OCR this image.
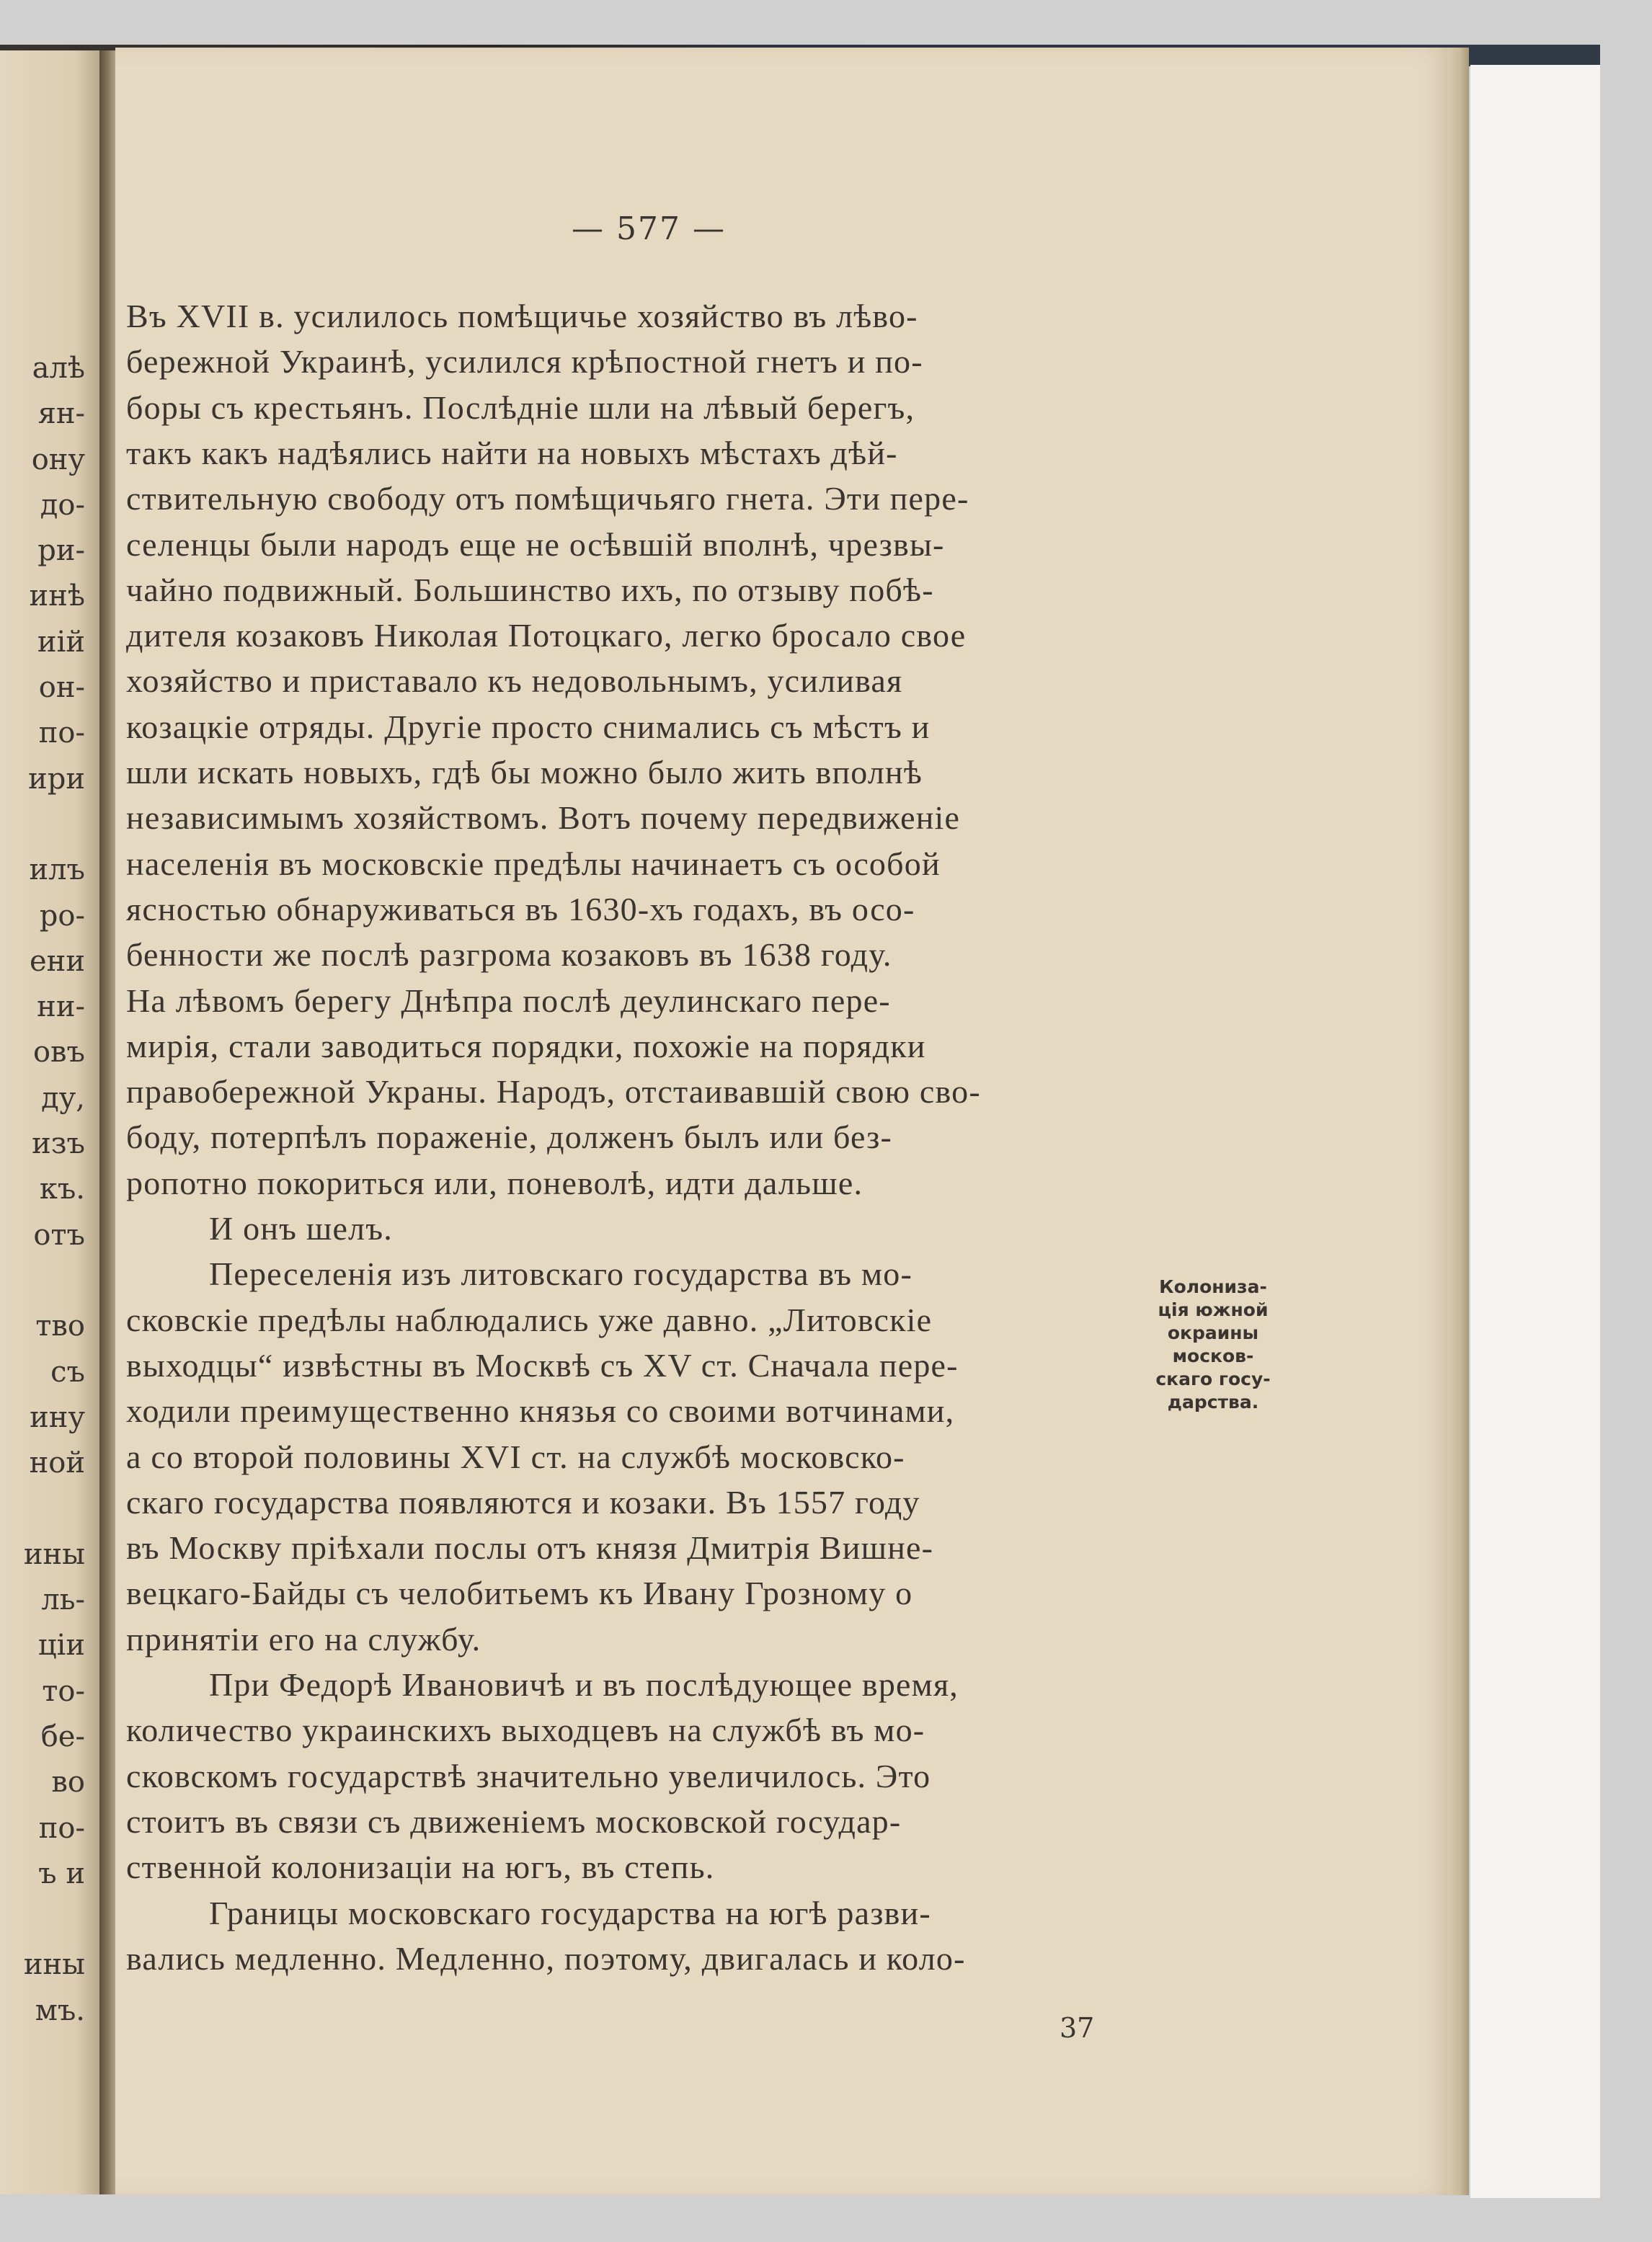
алѣ
ян-
ону
до-
ри-
инѣ
иій
он-
по-
ири

илъ
ро-
ени
ни-
овъ
ду,
изъ
къ.
отъ

тво
съ
ину
ной

ины
ль-
ціи
то-
бе-
во
по-
ъ и

ины
мъ.
— 577 —
Въ XVII в. усилилось помѣщичье хозяйство въ лѣво-
бережной Украинѣ, усилился крѣпостной гнетъ и по-
боры съ крестьянъ. Послѣдніе шли на лѣвый берегъ,
такъ какъ надѣялись найти на новыхъ мѣстахъ дѣй-
ствительную свободу отъ помѣщичьяго гнета. Эти пере-
селенцы были народъ еще не осѣвшій вполнѣ, чрезвы-
чайно подвижный. Большинство ихъ, по отзыву побѣ-
дителя козаковъ Николая Потоцкаго, легко бросало свое
хозяйство и приставало къ недовольнымъ, усиливая
козацкіе отряды. Другіе просто снимались съ мѣстъ и
шли искать новыхъ, гдѣ бы можно было жить вполнѣ
независимымъ хозяйствомъ. Вотъ почему передвиженіе
населенія въ московскіе предѣлы начинаетъ съ особой
ясностью обнаруживаться въ 1630-хъ годахъ, въ осо-
бенности же послѣ разгрома козаковъ въ 1638 году.
На лѣвомъ берегу Днѣпра послѣ деулинскаго пере-
мирія, стали заводиться порядки, похожіе на порядки
правобережной Украны. Народъ, отстаивавшій свою сво-
боду, потерпѣлъ пораженіе, долженъ былъ или без-
ропотно покориться или, поневолѣ, идти дальше.
И онъ шелъ.
Переселенія изъ литовскаго государства въ мо-
сковскіе предѣлы наблюдались уже давно. „Литовскіе
выходцы“ извѣстны въ Москвѣ съ XV ст. Сначала пере-
ходили преимущественно князья со своими вотчинами,
а со второй половины XVI ст. на службѣ московско-
скаго государства появляются и козаки. Въ 1557 году
въ Москву пріѣхали послы отъ князя Дмитрія Вишне-
вецкаго-Байды съ челобитьемъ къ Ивану Грозному о
принятіи его на службу.
При Федорѣ Ивановичѣ и въ послѣдующее время,
количество украинскихъ выходцевъ на службѣ въ мо-
сковскомъ государствѣ значительно увеличилось. Это
стоитъ въ связи съ движеніемъ московской государ-
ственной колонизаціи на югъ, въ степь.
Границы московскаго государства на югѣ разви-
вались медленно. Медленно, поэтому, двигалась и коло-
Колониза-
ція южной
окраины
москов-
скаго госу-
дарства.
37
